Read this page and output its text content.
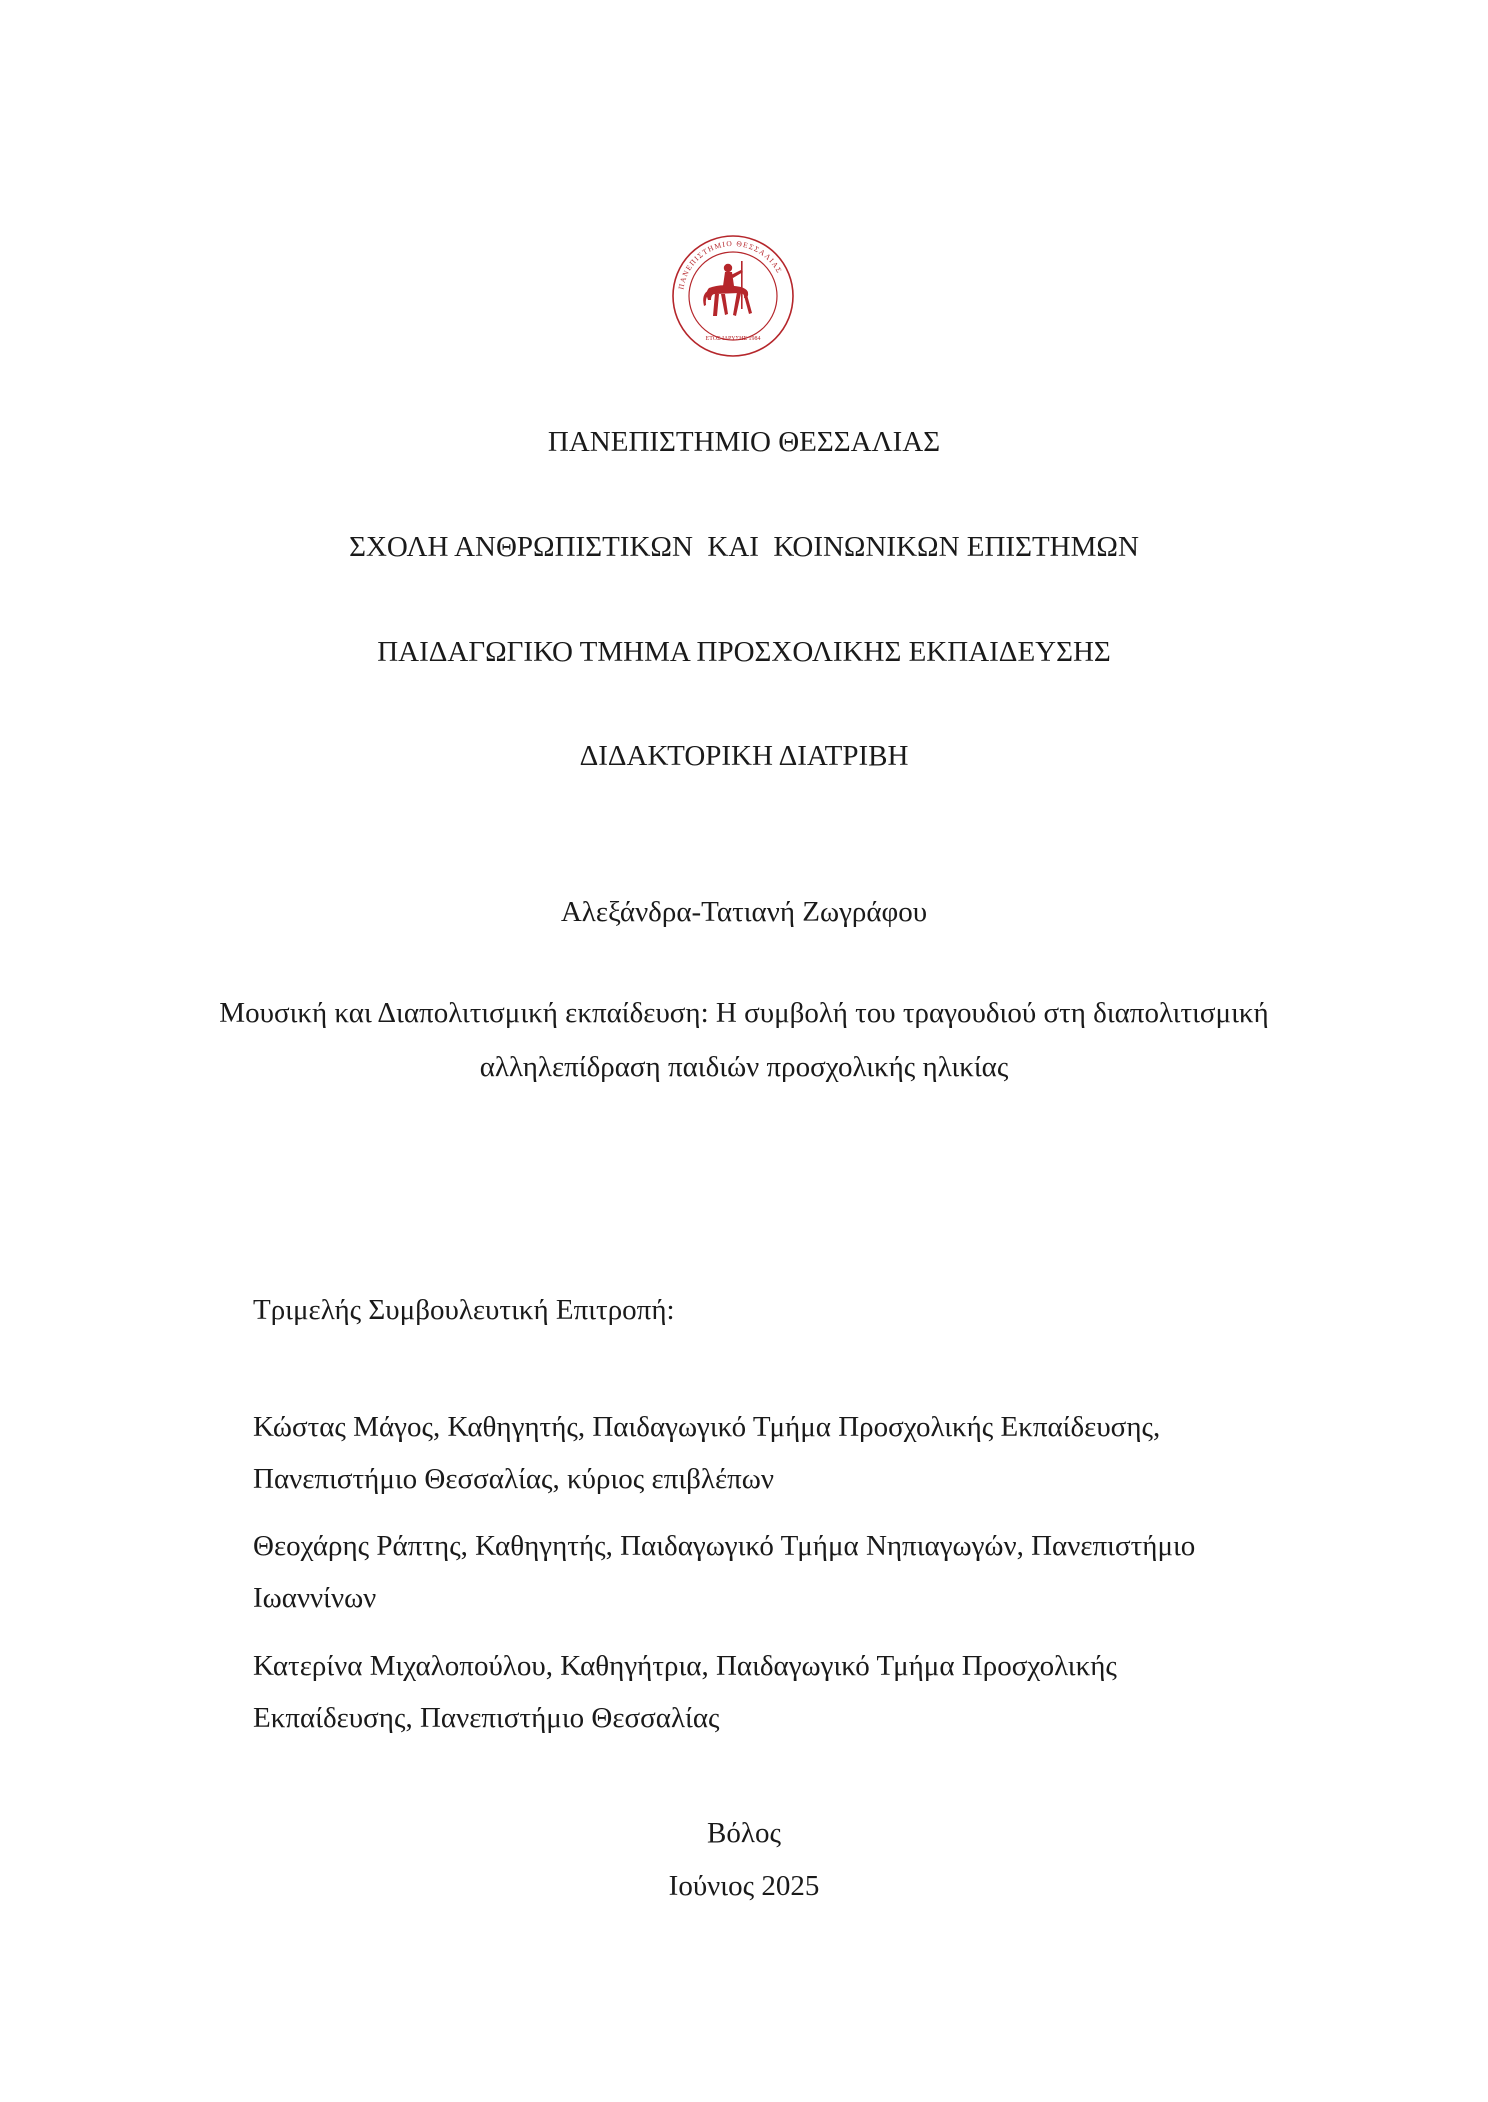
ΠΑΝΕΠΙΣΤΗΜΙΟ ΘΕΣΣΑΛΙΑΣ
ΕΤΟΣ ΙΔΡΥΣΗΣ 1984
ΠΑΝΕΠΙΣΤΗΜΙΟ ΘΕΣΣΑΛΙΑΣ
ΣΧΟΛΗ ΑΝΘΡΩΠΙΣΤΙΚΩΝ  ΚΑΙ  ΚΟΙΝΩΝΙΚΩΝ ΕΠΙΣΤΗΜΩΝ
ΠΑΙΔΑΓΩΓΙΚΟ ΤΜΗΜΑ ΠΡΟΣΧΟΛΙΚΗΣ ΕΚΠΑΙΔΕΥΣΗΣ
ΔΙΔΑΚΤΟΡΙΚΗ ΔΙΑΤΡΙΒΗ
Αλεξάνδρα-Τατιανή Ζωγράφου
Μουσική και Διαπολιτισμική εκπαίδευση: Η συμβολή του τραγουδιού στη διαπολιτισμική
αλληλεπίδραση παιδιών προσχολικής ηλικίας
Τριμελής Συμβουλευτική Επιτροπή:
Κώστας Μάγος, Καθηγητής, Παιδαγωγικό Τμήμα Προσχολικής Εκπαίδευσης,
Πανεπιστήμιο Θεσσαλίας, κύριος επιβλέπων
Θεοχάρης Ράπτης, Καθηγητής, Παιδαγωγικό Τμήμα Νηπιαγωγών, Πανεπιστήμιο
Ιωαννίνων
Κατερίνα Μιχαλοπούλου, Καθηγήτρια, Παιδαγωγικό Τμήμα Προσχολικής
Εκπαίδευσης, Πανεπιστήμιο Θεσσαλίας
Βόλος
Ιούνιος 2025
